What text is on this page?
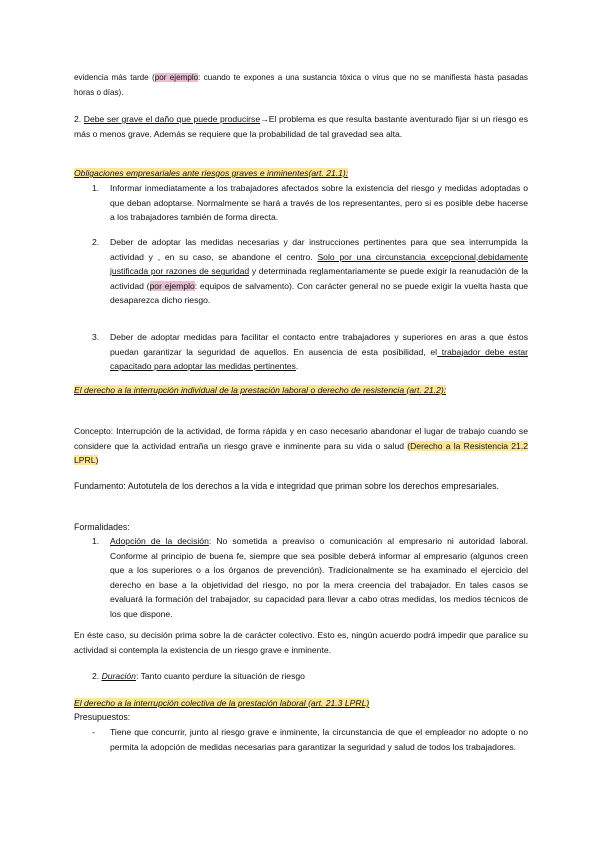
evidencia más tarde (por ejemplo: cuando te expones a una sustancia tóxica o virus que no se manifiesta hasta pasadas horas o días).
2. Debe ser grave el daño que puede producirse→El problema es que resulta bastante aventurado fijar si un riesgo es más o menos grave. Además se requiere que la probabilidad de tal gravedad sea alta.
Obligaciones empresariales ante riesgos graves e inminentes(art. 21.1):
1. Informar inmediatamente a los trabajadores afectados sobre la existencia del riesgo y medidas adoptadas o que deban adoptarse. Normalmente se hará a través de los representantes, pero si es posible debe hacerse a los trabajadores también de forma directa.
2. Deber de adoptar las medidas necesarias y dar instrucciones pertinentes para que sea interrumpida la actividad y , en su caso, se abandone el centro. Solo por una circunstancia excepcional,debidamente justificada por razones de seguridad y determinada reglamentariamente se puede exigir la reanudación de la actividad (por ejemplo: equipos de salvamento). Con carácter general no se puede exigir la vuelta hasta que desaparezca dicho riesgo.
3. Deber de adoptar medidas para facilitar el contacto entre trabajadores y superiores en aras a que éstos puedan garantizar la seguridad de aquellos. En ausencia de esta posibilidad, el trabajador debe estar capacitado para adoptar las medidas pertinentes.
El derecho a la interrupción individual de la prestación laboral o derecho de resistencia (art. 21.2):
Concepto: Interrupción de la actividad, de forma rápida y en caso necesario abandonar el lugar de trabajo cuando se considere que la actividad entraña un riesgo grave e inminente para su vida o salud (Derecho a la Resistencia 21.2 LPRL)
Fundamento: Autotutela de los derechos a la vida e integridad que priman sobre los derechos empresariales.
Formalidades:
1. Adopción de la decisión: No sometida a preaviso o comunicación al empresario ni autoridad laboral. Conforme al principio de buena fe, siempre que sea posible deberá informar al empresario (algunos creen que a los superiores o a los órganos de prevención). Tradicionalmente se ha examinado el ejercicio del derecho en base a la objetividad del riesgo, no por la mera creencia del trabajador. En tales casos se evaluará la formación del trabajador, su capacidad para llevar a cabo otras medidas, los medios técnicos de los que dispone.
En éste caso, su decisión prima sobre la de carácter colectivo. Esto es, ningún acuerdo podrá impedir que paralice su actividad si contempla la existencia de un riesgo grave e inminente.
2. Duración: Tanto cuanto perdure la situación de riesgo
El derecho a la interrupción colectiva de la prestación laboral (art. 21.3 LPRL)
Presupuestos:
- Tiene que concurrir, junto al riesgo grave e inminente, la circunstancia de que el empleador no adopte o no permita la adopción de medidas necesarias para garantizar la seguridad y salud de todos los trabajadores.
